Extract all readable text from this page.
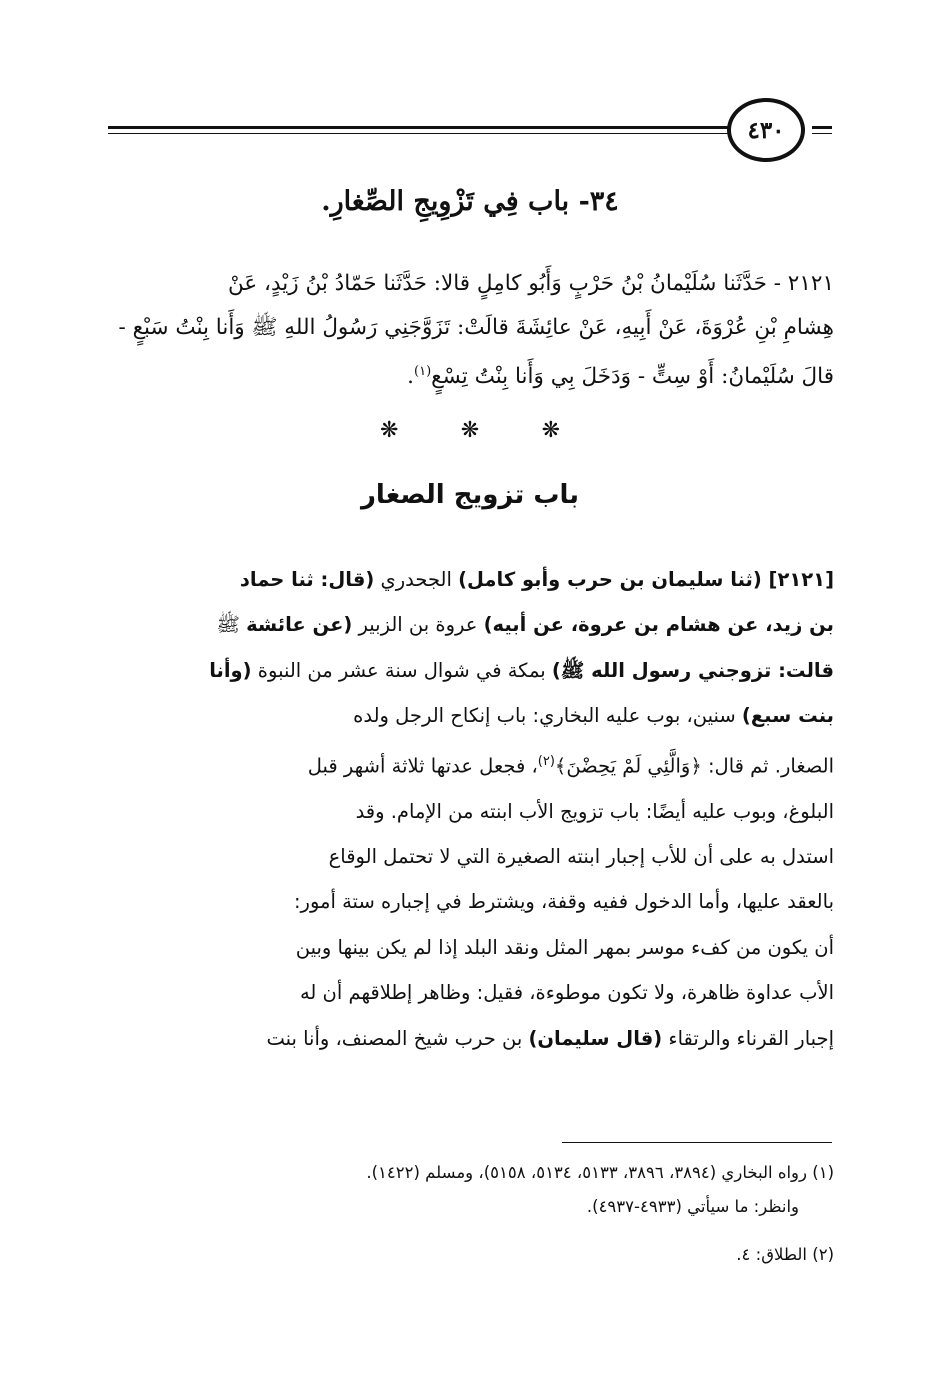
٤٣٠
٣٤- باب فِي تَزْوِيجِ الصِّغارِ.

٢١٢١ - حَدَّثَنا سُلَيْمانُ بْنُ حَرْبٍ وَأَبُو كامِلٍ قالا: حَدَّثَنا حَمّادُ بْنُ زَيْدٍ، عَنْ
هِشامِ بْنِ عُرْوَةَ، عَنْ أَبِيهِ، عَنْ عائِشَةَ قالَتْ: تَزَوَّجَنِي رَسُولُ اللهِ ﷺ وَأَنا بِنْتُ سَبْعٍ -
قالَ سُلَيْمانُ: أَوْ سِتٍّ - وَدَخَلَ بِي وَأَنا بِنْتُ تِسْعٍ$^{(١)}$.

❋	❋	❋
باب تزويج الصغار
[٢١٢١] (ثنا سليمان بن حرب وأبو كامل) الجحدري (قال: ثنا حماد
بن زيد، عن هشام بن عروة، عن أبيه) عروة بن الزبير (عن عائشة ﷺ
قالت: تزوجني رسول الله ﷺ) بمكة في شوال سنة عشر من النبوة (وأنا
بنت سبع) سنين، بوب عليه البخاري: باب إنكاح الرجل ولده
الصغار. ثم قال: ﴿وَالَّئِي لَمْ يَحِضْنَ﴾$^{(٢)}$، فجعل عدتها ثلاثة أشهر قبل
البلوغ، وبوب عليه أيضًا: باب تزويج الأب ابنته من الإمام. وقد
استدل به على أن للأب إجبار ابنته الصغيرة التي لا تحتمل الوقاع
بالعقد عليها، وأما الدخول ففيه وقفة، ويشترط في إجباره ستة أمور:
أن يكون من كفء موسر بمهر المثل ونقد البلد إذا لم يكن بينها وبين
الأب عداوة ظاهرة، ولا تكون موطوءة، فقيل: وظاهر إطلاقهم أن له
إجبار القرناء والرتقاء (قال سليمان) بن حرب شيخ المصنف، وأنا بنت
(١) رواه البخاري (٣٨٩٤، ٣٨٩٦، ٥١٣٣، ٥١٣٤، ٥١٥٨)، ومسلم (١٤٢٢).
وانظر: ما سيأتي (٤٩٣٣-٤٩٣٧).
(٢) الطلاق: ٤.
